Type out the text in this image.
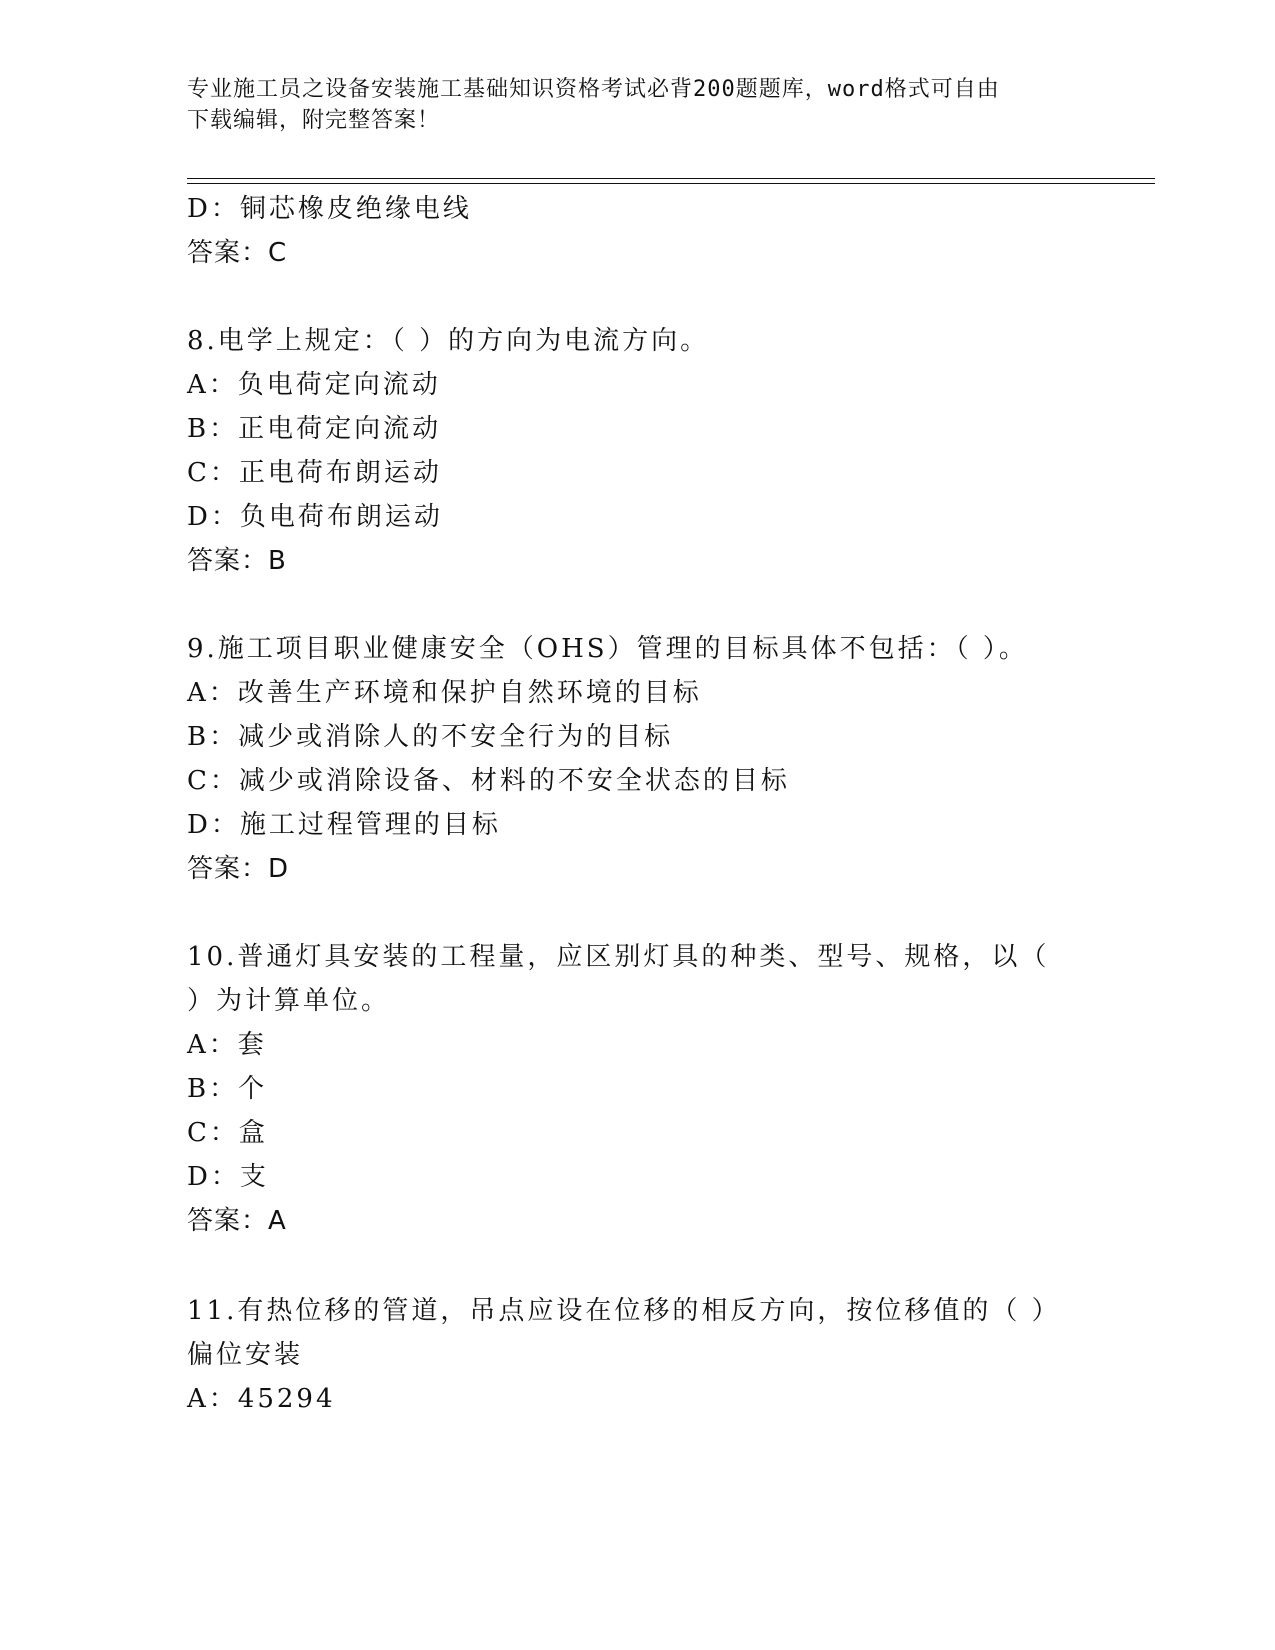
专业施工员之设备安装施工基础知识资格考试必背200题题库，word格式可自由
下载编辑，附完整答案！
D：铜芯橡皮绝缘电线
答案：C
8.电学上规定：（ ）的方向为电流方向。
A：负电荷定向流动
B：正电荷定向流动
C：正电荷布朗运动
D：负电荷布朗运动
答案：B
9.施工项目职业健康安全（OHS）管理的目标具体不包括：（ ）。
A：改善生产环境和保护自然环境的目标
B：减少或消除人的不安全行为的目标
C：减少或消除设备、材料的不安全状态的目标
D：施工过程管理的目标
答案：D
10.普通灯具安装的工程量，应区别灯具的种类、型号、规格，以（
）为计算单位。
A：套
B：个
C：盒
D：支
答案：A
11.有热位移的管道，吊点应设在位移的相反方向，按位移值的（ ）
偏位安装
A：45294
